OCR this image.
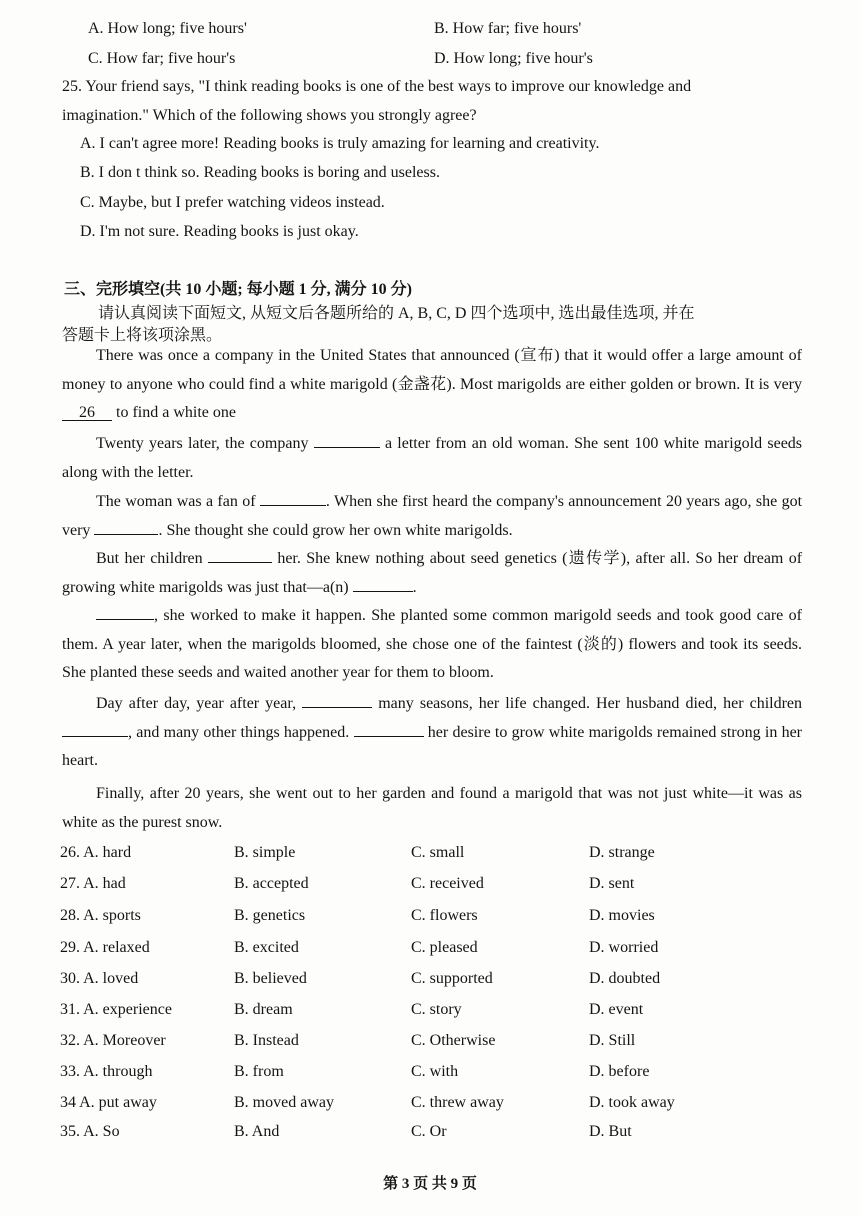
A. How long; five hours'	B. How far; five hours'
C. How far; five hour's	D. How long; five hour's
25. Your friend says, "I think reading books is one of the best ways to improve our knowledge and
imagination." Which of the following shows you strongly agree?
A. I can't agree more! Reading books is truly amazing for learning and creativity.
B. I don t think so. Reading books is boring and useless.
C. Maybe, but I prefer watching videos instead.
D. I'm not sure. Reading books is just okay.
三、完形填空(共 10 小题; 每小题 1 分, 满分 10 分)
请认真阅读下面短文, 从短文后各题所给的 A, B, C, D 四个选项中, 选出最佳选项, 并在
答题卡上将该项涂黑。
There was once a company in the United States that announced (宣布) that it would offer a large amount of money to anyone who could find a white marigold (金盏花). Most marigolds are either golden or brown. It is very 26 to find a white one
Twenty years later, the company	a letter from an old woman. She sent 100 white marigold seeds along with the letter.
The woman was a fan of	. When she first heard the company's announcement 20 years ago, she got very	. She thought she could grow her own white marigolds.
But her children	her. She knew nothing about seed genetics (遗传学), after all. So her dream of growing white marigolds was just that—a(n)	.
, she worked to make it happen. She planted some common marigold seeds and took good care of them. A year later, when the marigolds bloomed, she chose one of the faintest (淡的) flowers and took its seeds. She planted these seeds and waited another year for them to bloom.
Day after day, year after year,	many seasons, her life changed. Her husband died, her children , and many other things happened.	her desire to grow white marigolds remained strong in her heart.
Finally, after 20 years, she went out to her garden and found a marigold that was not just white—it was as white as the purest snow.
26. A. hard	B. simple	C. small	D. strange
27. A. had	B. accepted	C. received	D. sent
28. A. sports	B. genetics	C. flowers	D. movies
29. A. relaxed	B. excited	C. pleased	D. worried
30. A. loved	B. believed	C. supported	D. doubted
31. A. experience	B. dream	C. story	D. event
32. A. Moreover	B. Instead	C. Otherwise	D. Still
33. A. through	B. from	C. with	D. before
34 A. put away	B. moved away	C. threw away	D. took away
35. A. So	B. And	C. Or	D. But
第 3 页 共 9 页
